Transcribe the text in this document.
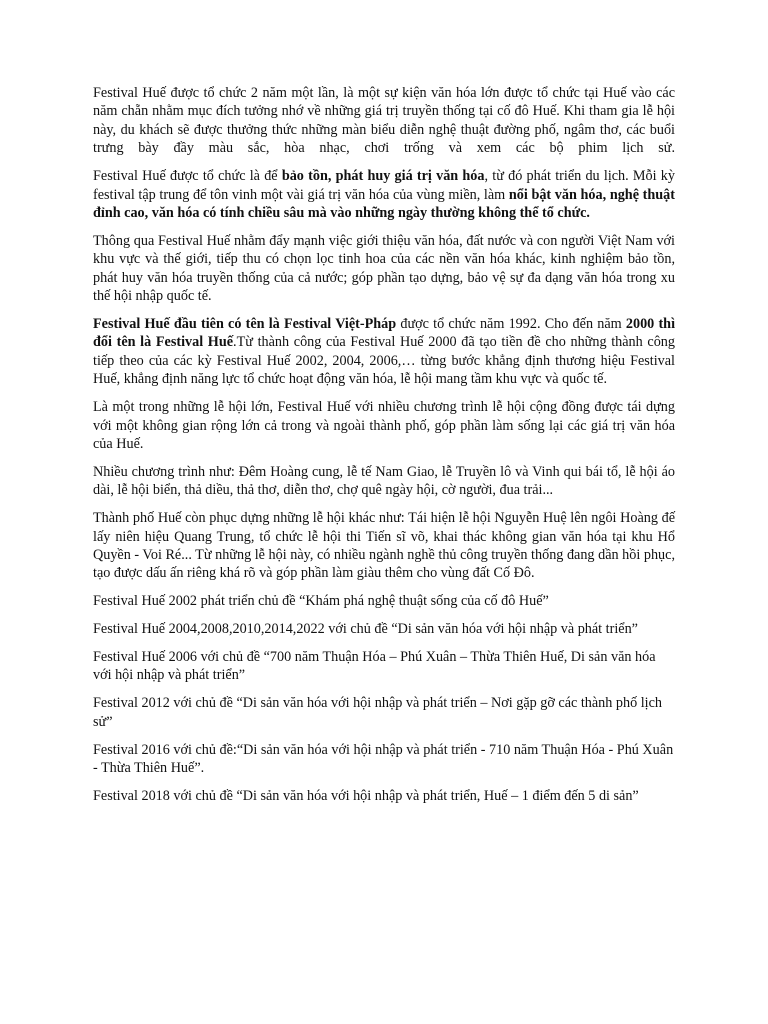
Festival Huế được tổ chức 2 năm một lần, là một sự kiện văn hóa lớn được tổ chức tại Huế vào các năm chẵn nhằm mục đích tưởng nhớ về những giá trị truyền thống tại cố đô Huế. Khi tham gia lễ hội này, du khách sẽ được thưởng thức những màn biểu diễn nghệ thuật đường phố, ngâm thơ, các buổi trưng bày đầy màu sắc, hòa nhạc, chơi trống và xem các bộ phim lịch sử.

Festival Huế được tổ chức là để bảo tồn, phát huy giá trị văn hóa, từ đó phát triển du lịch. Mỗi kỳ festival tập trung để tôn vinh một vài giá trị văn hóa của vùng miền, làm nổi bật văn hóa, nghệ thuật đỉnh cao, văn hóa có tính chiều sâu mà vào những ngày thường không thể tổ chức.

Thông qua Festival Huế nhằm đẩy mạnh việc giới thiệu văn hóa, đất nước và con người Việt Nam với khu vực và thế giới, tiếp thu có chọn lọc tinh hoa của các nền văn hóa khác, kinh nghiệm bảo tồn, phát huy văn hóa truyền thống của cả nước; góp phần tạo dựng, bảo vệ sự đa dạng văn hóa trong xu thế hội nhập quốc tế.

Festival Huế đầu tiên có tên là Festival Việt-Pháp được tổ chức năm 1992. Cho đến năm 2000 thì đổi tên là Festival Huế.Từ thành công của Festival Huế 2000 đã tạo tiền đề cho những thành công tiếp theo của các kỳ Festival Huế 2002, 2004, 2006,… từng bước khẳng định thương hiệu Festival Huế, khẳng định năng lực tổ chức hoạt động văn hóa, lễ hội mang tầm khu vực và quốc tế.

Là một trong những lễ hội lớn, Festival Huế với nhiều chương trình lễ hội cộng đồng được tái dựng với một không gian rộng lớn cả trong và ngoài thành phố, góp phần làm sống lại các giá trị văn hóa của Huế.

Nhiều chương trình như: Đêm Hoàng cung, lễ tế Nam Giao, lễ Truyền lô và Vinh qui bái tổ, lễ hội áo dài, lễ hội biển, thả diều, thả thơ, diễn thơ, chợ quê ngày hội, cờ người, đua trải...

Thành phố Huế còn phục dựng những lễ hội khác như: Tái hiện lễ hội Nguyễn Huệ lên ngôi Hoàng đế lấy niên hiệu Quang Trung, tổ chức lễ hội thi Tiến sĩ võ, khai thác không gian văn hóa tại khu Hổ Quyền - Voi Ré... Từ những lễ hội này, có nhiều ngành nghề thủ công truyền thống đang dần hồi phục, tạo được dấu ấn riêng khá rõ và góp phần làm giàu thêm cho vùng đất Cố Đô.

Festival Huế 2002 phát triển chủ đề “Khám phá nghệ thuật sống của cố đô Huế”

Festival Huế 2004,2008,2010,2014,2022 với chủ đề “Di sản văn hóa với hội nhập và phát triển”

Festival Huế 2006 với chủ đề “700 năm Thuận Hóa – Phú Xuân – Thừa Thiên Huế, Di sản văn hóa với hội nhập và phát triển”

Festival 2012 với chủ đề “Di sản văn hóa với hội nhập và phát triển – Nơi gặp gỡ các thành phố lịch sử”

Festival 2016 với chủ đề:“Di sản văn hóa với hội nhập và phát triển - 710 năm Thuận Hóa - Phú Xuân - Thừa Thiên Huế”.

Festival 2018 với chủ đề “Di sản văn hóa với hội nhập và phát triển, Huế – 1 điểm đến 5 di sản”
